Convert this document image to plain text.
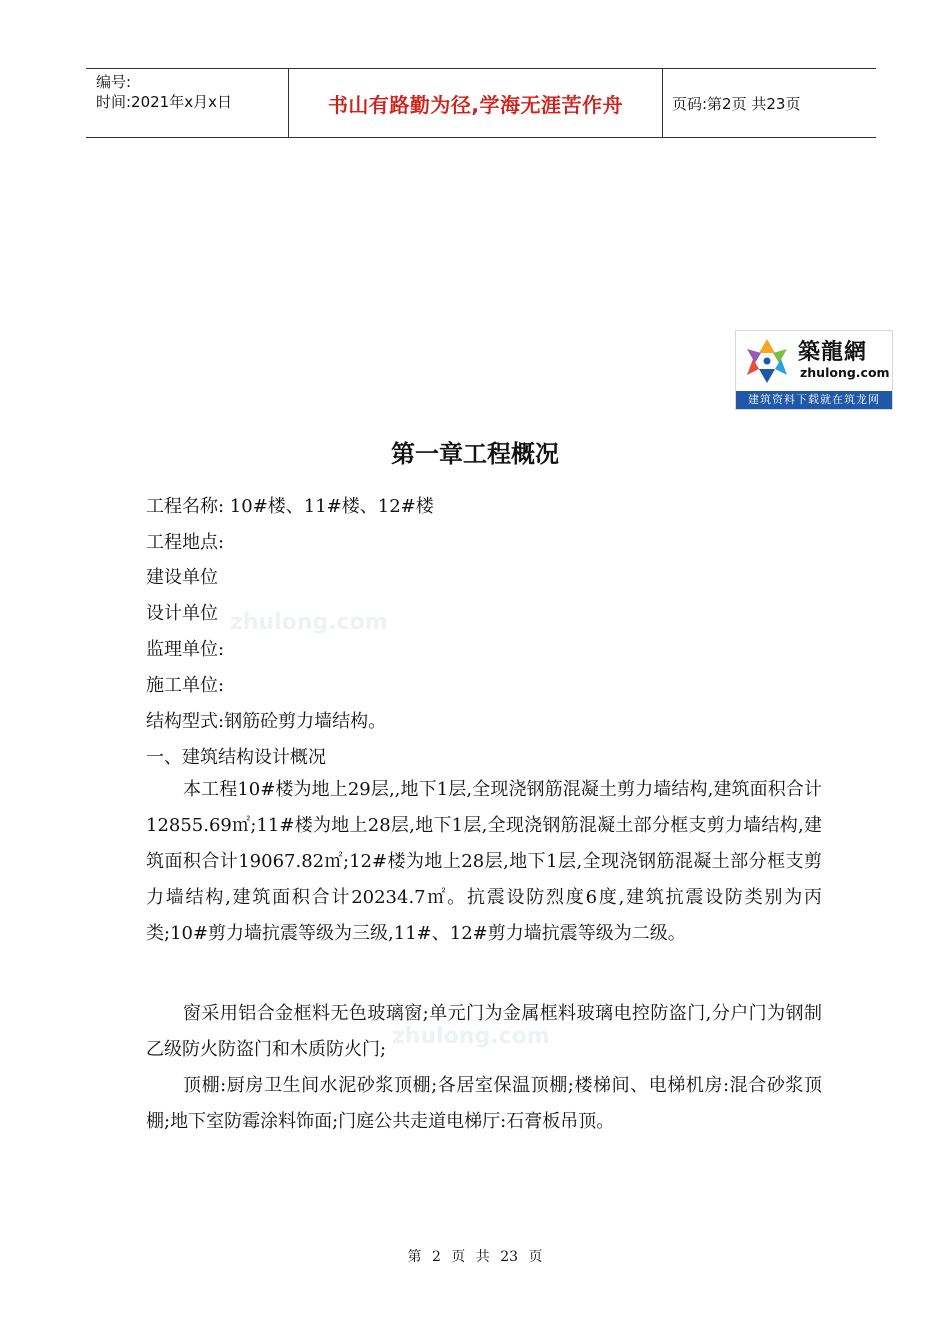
编号:
时间:2021年x月x日	书山有路勤为径,学海无涯苦作舟	页码:第2页 共23页
築龍網
zhulong.com
建筑资料下载就在筑龙网
zhulong.com
zhulong.com
第一章工程概况
工程名称: 10#楼、11#楼、12#楼
工程地点:
建设单位
设计单位
监理单位:
施工单位:
结构型式:钢筋砼剪力墙结构。
一、建筑结构设计概况
本工程10#楼为地上29层,,地下1层,全现浇钢筋混凝土剪力墙结构,建筑面积合计12855.69㎡;11#楼为地上28层,地下1层,全现浇钢筋混凝土部分框支剪力墙结构,建筑面积合计19067.82㎡;12#楼为地上28层,地下1层,全现浇钢筋混凝土部分框支剪力墙结构,建筑面积合计20234.7㎡。抗震设防烈度6度,建筑抗震设防类别为丙类;10#剪力墙抗震等级为三级,11#、12#剪力墙抗震等级为二级。
窗采用铝合金框料无色玻璃窗;单元门为金属框料玻璃电控防盗门,分户门为钢制乙级防火防盗门和木质防火门;
顶棚:厨房卫生间水泥砂浆顶棚;各居室保温顶棚;楼梯间、电梯机房:混合砂浆顶棚;地下室防霉涂料饰面;门庭公共走道电梯厅:石膏板吊顶。
第 2 页 共 23 页
